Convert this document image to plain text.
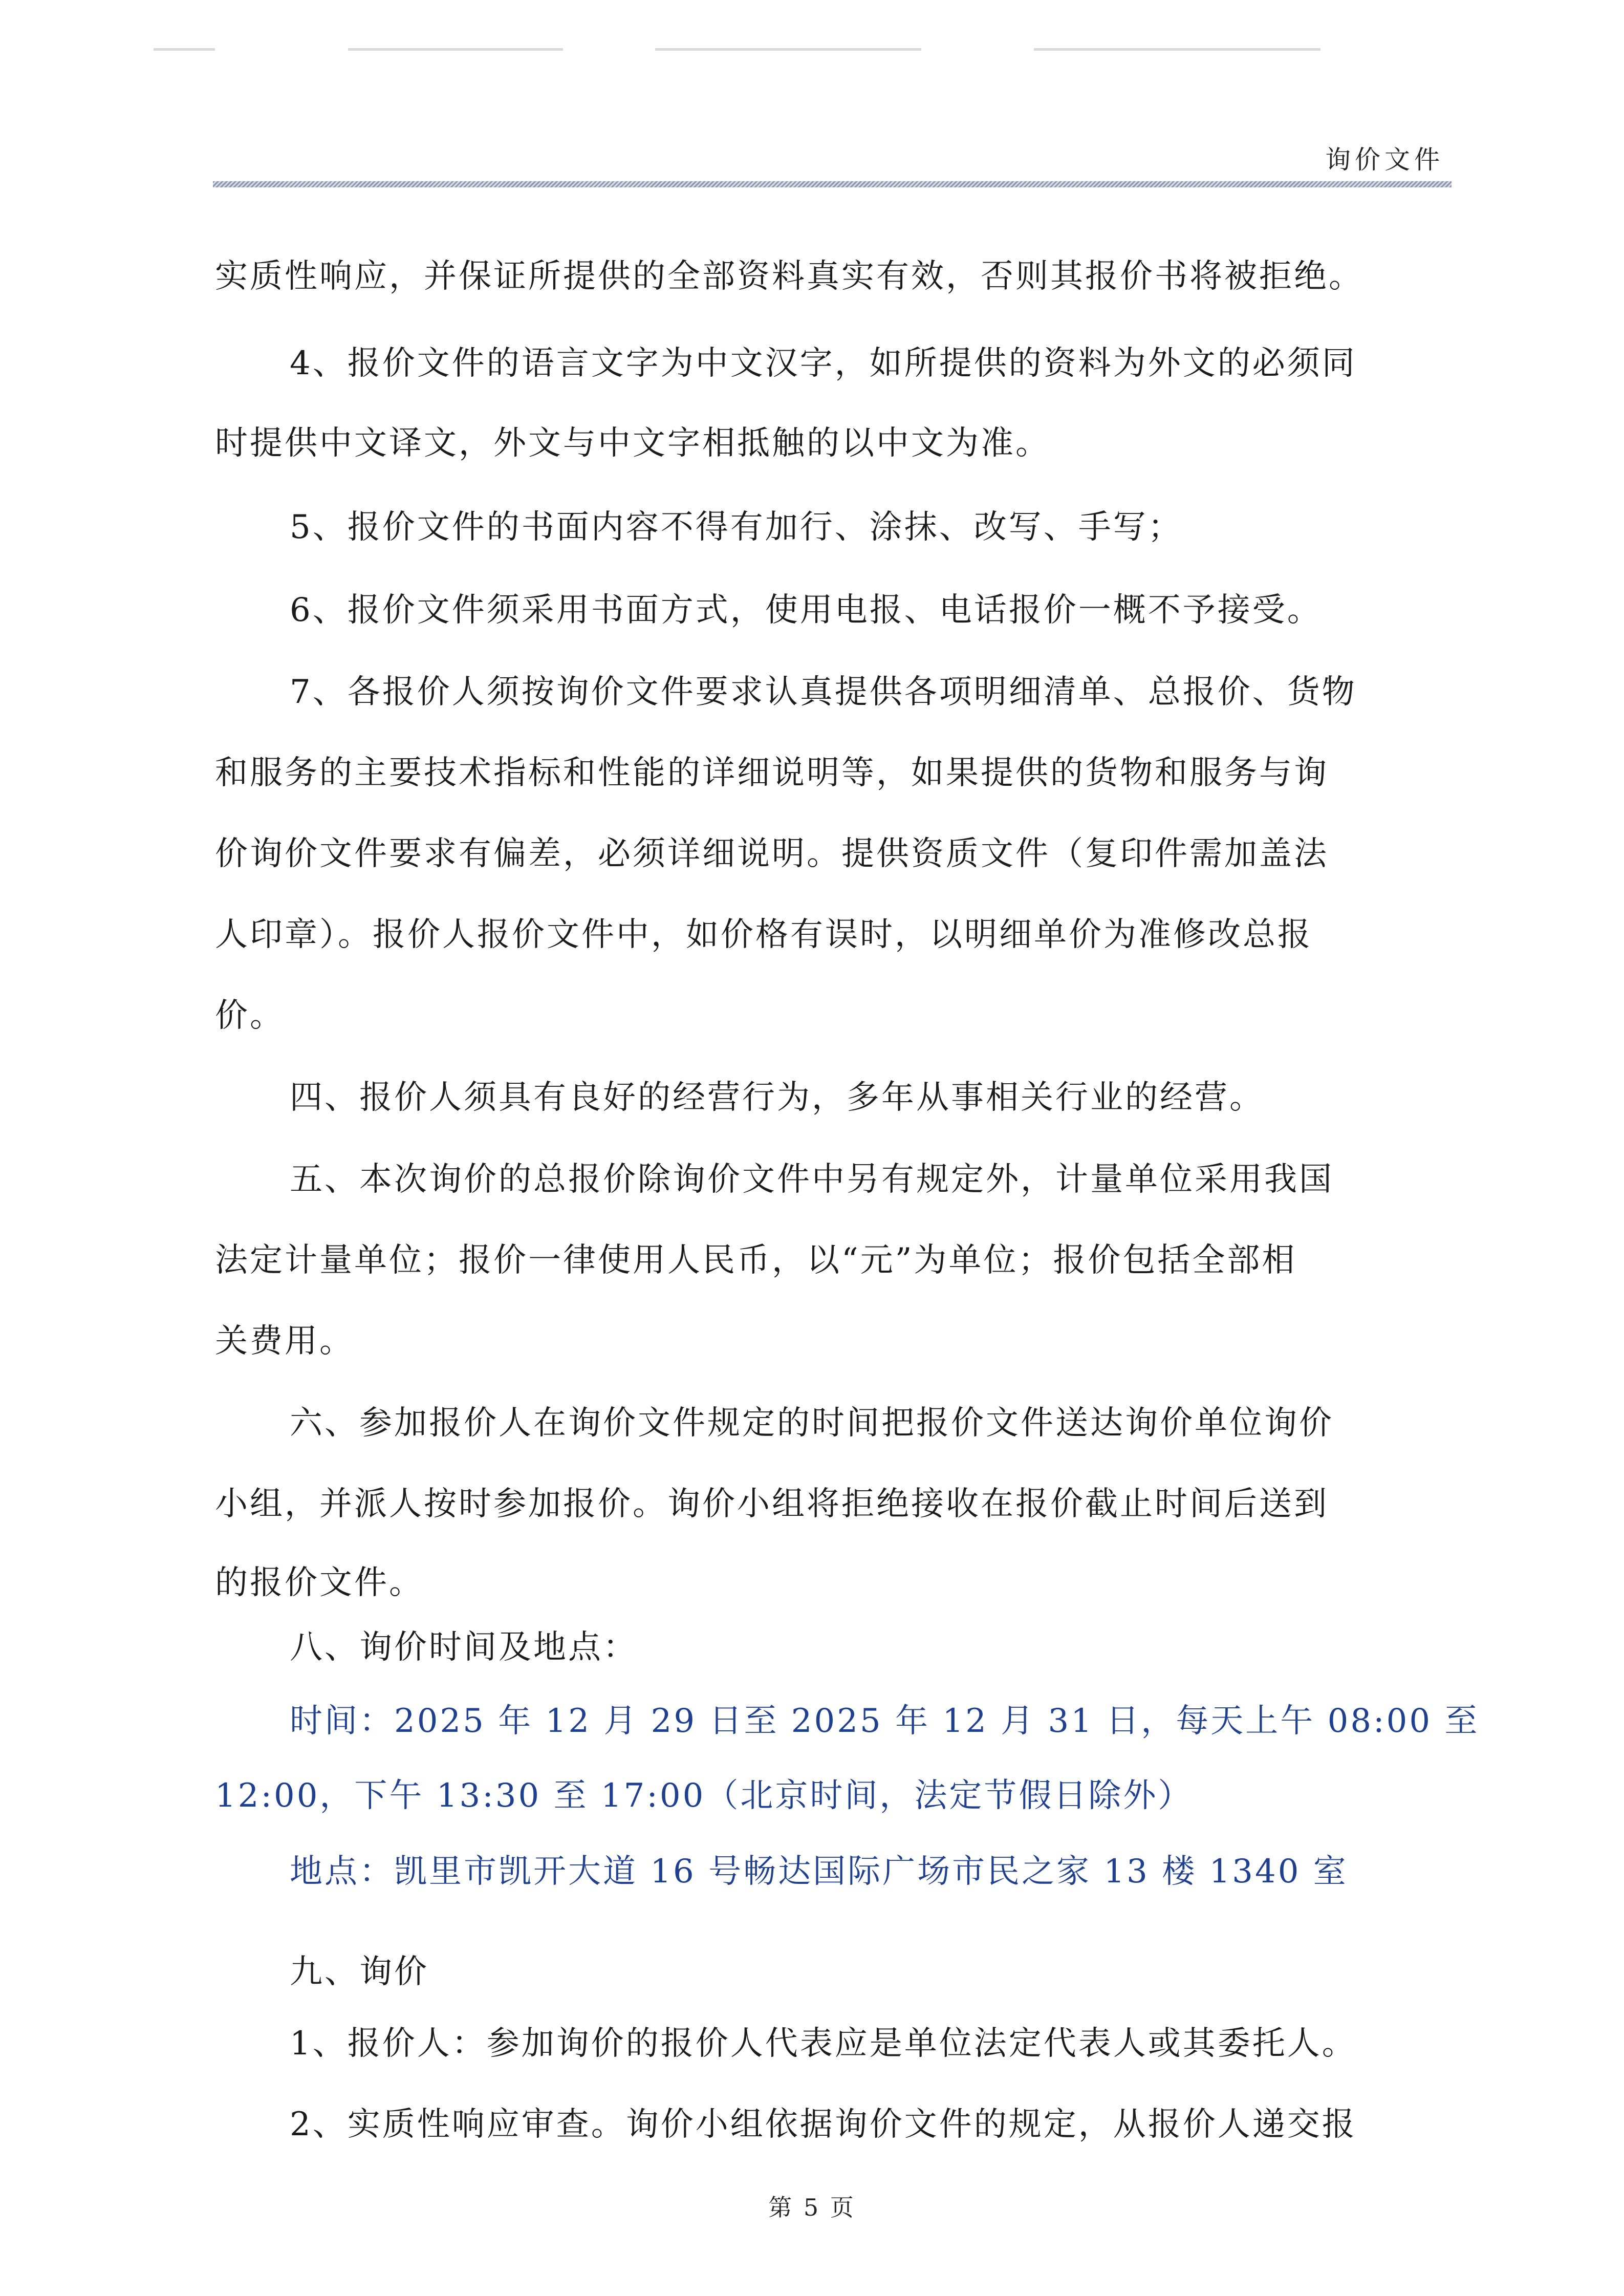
询价文件
实质性响应，并保证所提供的全部资料真实有效，否则其报价书将被拒绝。
4、报价文件的语言文字为中文汉字，如所提供的资料为外文的必须同
时提供中文译文，外文与中文字相抵触的以中文为准。
5、报价文件的书面内容不得有加行、涂抹、改写、手写；
6、报价文件须采用书面方式，使用电报、电话报价一概不予接受。
7、各报价人须按询价文件要求认真提供各项明细清单、总报价、货物
和服务的主要技术指标和性能的详细说明等，如果提供的货物和服务与询
价询价文件要求有偏差，必须详细说明。提供资质文件（复印件需加盖法
人印章）。报价人报价文件中，如价格有误时，以明细单价为准修改总报
价。
四、报价人须具有良好的经营行为，多年从事相关行业的经营。
五、本次询价的总报价除询价文件中另有规定外，计量单位采用我国
法定计量单位；报价一律使用人民币，以“元”为单位；报价包括全部相
关费用。
六、参加报价人在询价文件规定的时间把报价文件送达询价单位询价
小组，并派人按时参加报价。询价小组将拒绝接收在报价截止时间后送到
的报价文件。
八、询价时间及地点：
时间：2025 年 12 月 29 日至 2025 年 12 月 31 日，每天上午 08:00 至
12:00，下午 13:30 至 17:00（北京时间，法定节假日除外）
地点：凯里市凯开大道 16 号畅达国际广场市民之家 13 楼 1340 室
九、询价
1、报价人：参加询价的报价人代表应是单位法定代表人或其委托人。
2、实质性响应审查。询价小组依据询价文件的规定，从报价人递交报
第 5 页
